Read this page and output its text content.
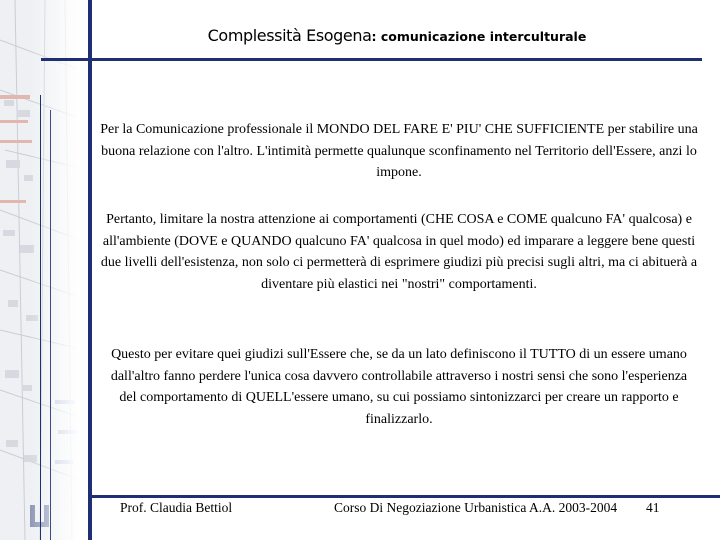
Complessità Esogena: comunicazione interculturale

Per la Comunicazione professionale il MONDO DEL FARE E' PIU' CHE SUFFICIENTE per stabilire una buona relazione con l'altro. L'intimità permette qualunque sconfinamento nel Territorio dell'Essere, anzi lo impone.

Pertanto, limitare la nostra attenzione ai comportamenti (CHE COSA e COME qualcuno FA' qualcosa) e all'ambiente (DOVE e QUANDO qualcuno FA' qualcosa in quel modo) ed imparare a leggere bene questi due livelli dell'esistenza, non solo ci permetterà di esprimere giudizi più precisi sugli altri, ma ci abituerà a diventare più elastici nei "nostri" comportamenti.

Questo per evitare quei giudizi sull'Essere che, se da un lato definiscono il TUTTO di un essere umano dall'altro fanno perdere l'unica cosa davvero controllabile attraverso i nostri sensi che sono l'esperienza del comportamento di QUELL'essere umano, su cui possiamo sintonizzarci per creare un rapporto e finalizzarlo.

Prof. Claudia Bettiol	Corso Di Negoziazione Urbanistica A.A. 2003-2004 41
